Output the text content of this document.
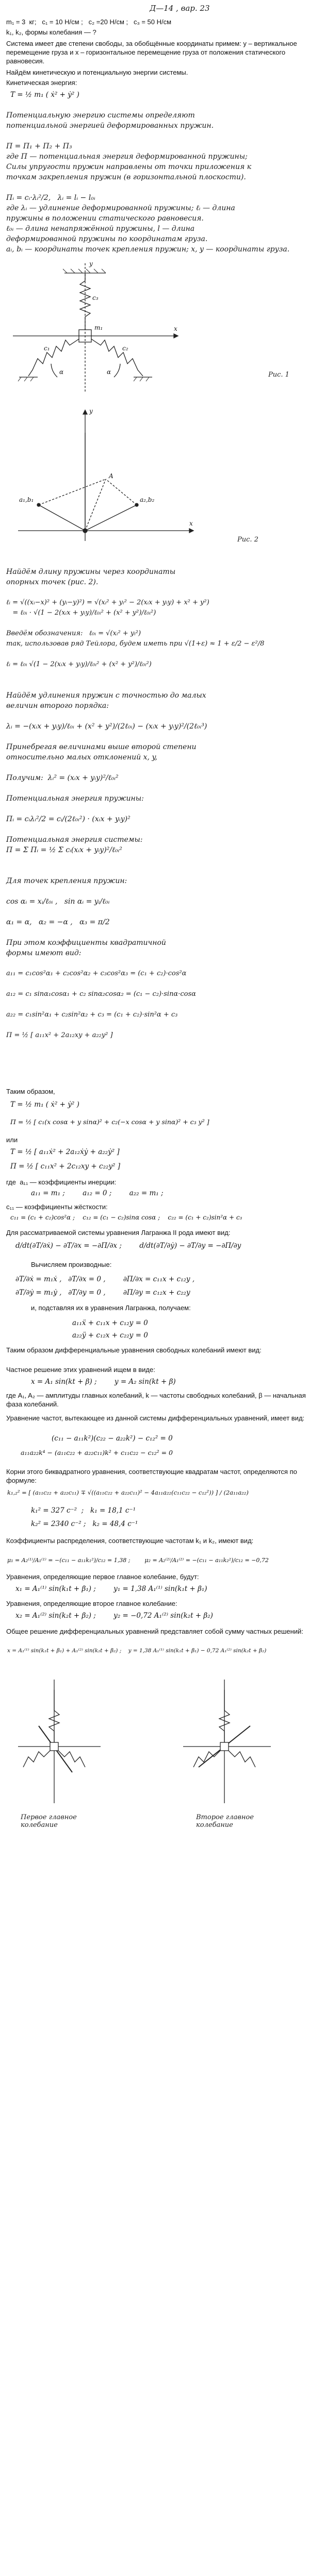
Д—14 , вар. 23
m₁ = 3  кг;   c₁ = 10 Н/см ;   c₂ =20 Н/см ;   c₃ = 50 Н/см
k₁, k₂, формы колебания — ?
Система имеет две степени свободы, за обобщённые координаты примем: y – вертикальное перемещение груза и x – горизонтальное перемещение груза от положения статического равновесия.
Найдём кинетическую и потенциальную энергии системы.
Кинетическая энергия:
T = ½ m₁ ( ẋ² + ẏ² )
Потенциальную энергию системы определяют
потенциальной энергией деформированных пружин.

П = П₁ + П₂ + П₃
где П — потенциальная энергия деформированной пружины;
Силы упругости пружин направлены от точки приложения к
точкам закрепления пружин (в горизонтальной плоскости).

Пᵢ = cᵢ·λᵢ²/2,   λᵢ = lᵢ − l₀ᵢ
где λᵢ — удлинение деформированной пружины; ℓᵢ — длина
пружины в положении статического равновесия.
ℓ₀ᵢ — длина ненапряжённой пружины, l — длина
деформированной пружины по координатам груза.
aᵢ, bᵢ — координаты точек крепления пружин; x, y — координаты груза.
c₃
m₁
c₁	c₂
α	α
x
y
Рис. 1
y
x
a₁,b₁	a₂,b₂
A
Рис. 2
Найдём длину пружины через координаты
опорных точек (рис. 2).
ℓᵢ = √((xᵢ−x)² + (yᵢ−y)²) = √(xᵢ² + yᵢ² − 2(xᵢx + yᵢy) + x² + y²)
= ℓ₀ᵢ · √(1 − 2(xᵢx + yᵢy)/ℓ₀ᵢ² + (x² + y²)/ℓ₀ᵢ²)

Введём обозначения:   ℓ₀ᵢ = √(xᵢ² + yᵢ²)
так, использовав ряд Тейлора, будем иметь при √(1+ε) ≈ 1 + ε/2 − ε²/8

ℓᵢ = ℓ₀ᵢ √(1 − 2(xᵢx + yᵢy)/ℓ₀ᵢ² + (x² + y²)/ℓ₀ᵢ²)
Найдём удлинения пружин с точностью до малых
величин второго порядка:

λᵢ = −(xᵢx + yᵢy)/ℓ₀ᵢ + (x² + y²)/(2ℓ₀ᵢ) − (xᵢx + yᵢy)²/(2ℓ₀ᵢ³)

Принебрегая величинами выше второй степени
относительно малых отклонений x, y,

Получим:  λᵢ² = (xᵢx + yᵢy)²/ℓ₀ᵢ²

Потенциальная энергия пружины:

Пᵢ = cᵢλᵢ²/2 = cᵢ/(2ℓ₀ᵢ²) · (xᵢx + yᵢy)²

Потенциальная энергия системы:
П = Σ Пᵢ = ½ Σ cᵢ(xᵢx + yᵢy)²/ℓ₀ᵢ²
Для точек крепления пружин:

cos αᵢ = xᵢ/ℓ₀ᵢ ,   sin αᵢ = yᵢ/ℓ₀ᵢ

α₁ = α,   α₂ = −α ,   α₃ = π/2

При этом коэффициенты квадратичной
формы имеют вид:
a₁₁ = c₁cos²α₁ + c₂cos²α₂ + c₃cos²α₃ = (c₁ + c₂)·cos²α

a₁₂ = c₁ sinα₁cosα₁ + c₂ sinα₂cosα₂ = (c₁ − c₂)·sinα·cosα

a₂₂ = c₁sin²α₁ + c₂sin²α₂ + c₃ = (c₁ + c₂)·sin²α + c₃

П = ½ [ a₁₁x² + 2a₁₂xy + a₂₂y² ]
Таким образом,
T = ½ m₁ ( ẋ² + ẏ² )
П = ½ [ c₁(x cosα + y sinα)² + c₂(−x cosα + y sinα)² + c₃ y² ]
или
T = ½ [ a₁₁ẋ² + 2a₁₂ẋẏ + a₂₂ẏ² ]
П = ½ [ c₁₁x² + 2c₁₂xy + c₂₂y² ]
где  a₁₁ — коэффициенты инерции:
a₁₁ = m₁ ;        a₁₂ = 0 ;        a₂₂ = m₁ ;
c₁₁ — коэффициенты жёсткости:
c₁₁ = (c₁ + c₂)cos²α ;    c₁₂ = (c₁ − c₂)sinα cosα ;    c₂₂ = (c₁ + c₂)sin²α + c₃
Для рассматриваемой системы уравнения Лагранжа II рода имеют вид:
d/dt(∂T/∂ẋ) − ∂T/∂x = −∂П/∂x ;        d/dt(∂T/∂ẏ) − ∂T/∂y = −∂П/∂y
Вычисляем производные:
∂T/∂ẋ = m₁ẋ ,   ∂T/∂x = 0 ,        ∂П/∂x = c₁₁x + c₁₂y ,
∂T/∂ẏ = m₁ẏ ,   ∂T/∂y = 0 ,        ∂П/∂y = c₁₂x + c₂₂y
и, подставляя их в уравнения Лагранжа, получаем:
a₁₁ẍ + c₁₁x + c₁₂y = 0
a₂₂ÿ + c₁₂x + c₂₂y = 0
Таким образом дифференциальные уравнения свободных колебаний имеют вид:
Частное решение этих уравнений ищем в виде:
x = A₁ sin(kt + β) ;        y = A₂ sin(kt + β)
где A₁, A₂ — амплитуды главных колебаний, k — частоты свободных колебаний, β — начальная фаза колебаний.
Уравнение частот, вытекающее из данной системы дифференциальных уравнений, имеет вид:
(c₁₁ − a₁₁k²)(c₂₂ − a₂₂k²) − c₁₂² = 0
a₁₁a₂₂k⁴ − (a₁₁c₂₂ + a₂₂c₁₁)k² + c₁₁c₂₂ − c₁₂² = 0
Корни этого биквадратного уравнения, соответствующие квадратам частот, определяются по формуле:
k₁,₂² = [ (a₁₁c₂₂ + a₂₂c₁₁) ∓ √((a₁₁c₂₂ + a₂₂c₁₁)² − 4a₁₁a₂₂(c₁₁c₂₂ − c₁₂²)) ] / (2a₁₁a₂₂)
k₁² = 327 с⁻²  ;   k₁ = 18,1 с⁻¹
k₂² = 2340 с⁻² ;   k₂ = 48,4 с⁻¹
Коэффициенты распределения, соответствующие частотам k₁ и k₂, имеют вид:
μ₁ = A₂⁽¹⁾/A₁⁽¹⁾ = −(c₁₁ − a₁₁k₁²)/c₁₂ = 1,38 ;        μ₂ = A₂⁽²⁾/A₁⁽²⁾ = −(c₁₁ − a₁₁k₂²)/c₁₂ = −0,72
Уравнения, определяющие первое главное колебание, будут:
x₁ = A₁⁽¹⁾ sin(k₁t + β₁) ;        y₁ = 1,38 A₁⁽¹⁾ sin(k₁t + β₁)
Уравнения, определяющие второе главное колебание:
x₂ = A₁⁽²⁾ sin(k₂t + β₂) ;        y₂ = −0,72 A₁⁽²⁾ sin(k₂t + β₂)
Общее решение дифференциальных уравнений представляет собой сумму частных решений:
x = A₁⁽¹⁾ sin(k₁t + β₁) + A₁⁽²⁾ sin(k₂t + β₂) ;    y = 1,38 A₁⁽¹⁾ sin(k₁t + β₁) − 0,72 A₁⁽²⁾ sin(k₂t + β₂)
Первое главное
колебание
Второе главное
колебание
